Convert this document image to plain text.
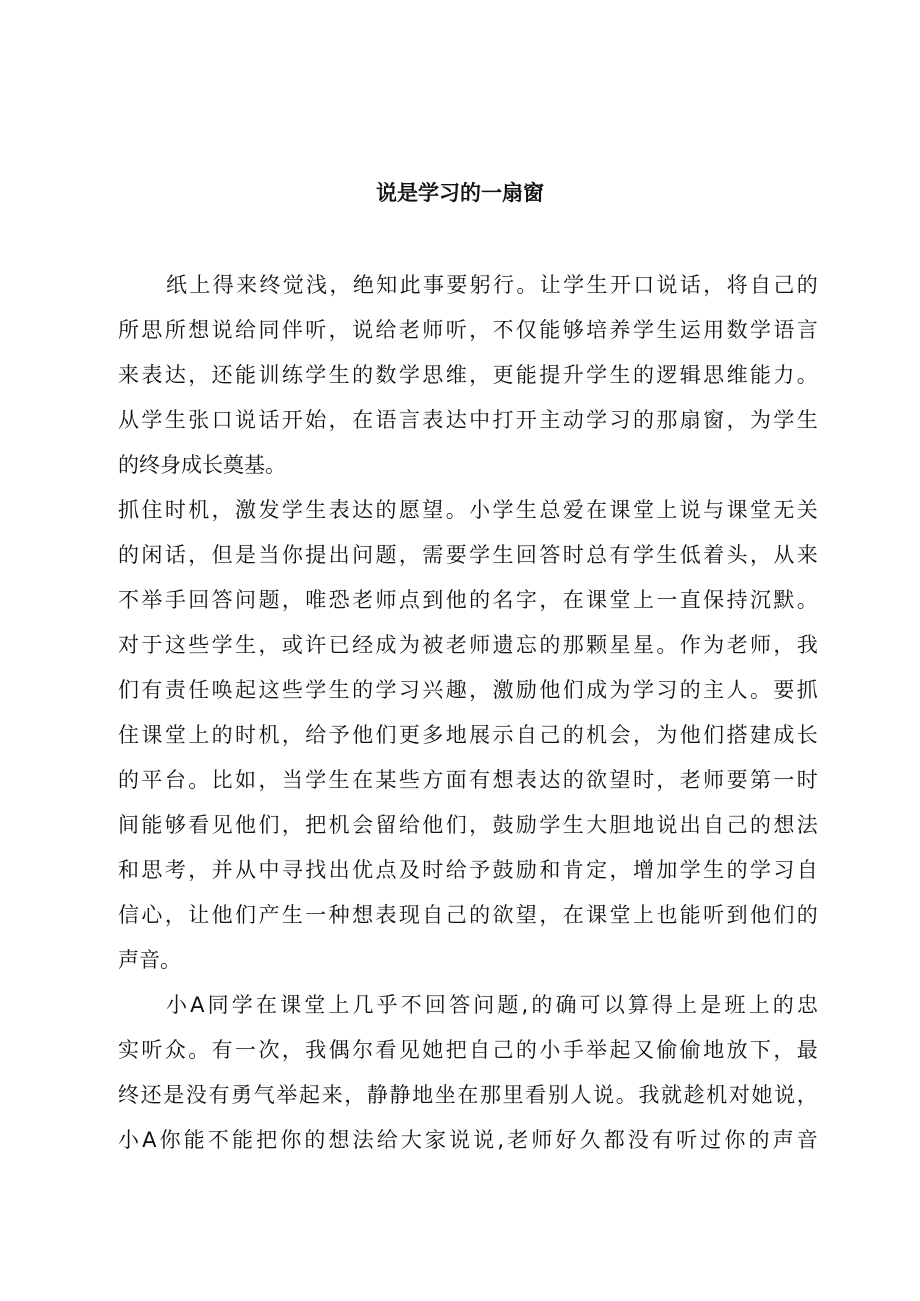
说是学习的一扇窗
纸 上 得 来 终 觉 浅 ， 绝 知 此 事 要 躬 行 。 让 学 生 开 口 说 话 ， 将 自 己 的
所 思 所 想 说 给 同 伴 听 ， 说 给 老 师 听 ， 不 仅 能 够 培 养 学 生 运 用 数 学 语 言
来 表 达 ， 还 能 训 练 学 生 的 数 学 思 维 ， 更 能 提 升 学 生 的 逻 辑 思 维 能 力 。
从 学 生 张 口 说 话 开 始 ， 在 语 言 表 达 中 打 开 主 动 学 习 的 那 扇 窗 ， 为 学 生
的终身成长奠基。
抓 住 时 机 ， 激 发 学 生 表 达 的 愿 望 。 小 学 生 总 爱 在 课 堂 上 说 与 课 堂 无 关
的 闲 话 ， 但 是 当 你 提 出 问 题 ， 需 要 学 生 回 答 时 总 有 学 生 低 着 头 ， 从 来
不 举 手 回 答 问 题 ， 唯 恐 老 师 点 到 他 的 名 字 ， 在 课 堂 上 一 直 保 持 沉 默 。
对 于 这 些 学 生 ， 或 许 已 经 成 为 被 老 师 遗 忘 的 那 颗 星 星 。 作 为 老 师 ， 我
们 有 责 任 唤 起 这 些 学 生 的 学 习 兴 趣 ， 激 励 他 们 成 为 学 习 的 主 人 。 要 抓
住 课 堂 上 的 时 机 ， 给 予 他 们 更 多 地 展 示 自 己 的 机 会 ， 为 他 们 搭 建 成 长
的 平 台 。 比 如 ， 当 学 生 在 某 些 方 面 有 想 表 达 的 欲 望 时 ， 老 师 要 第 一 时
间 能 够 看 见 他 们 ， 把 机 会 留 给 他 们 ， 鼓 励 学 生 大 胆 地 说 出 自 己 的 想 法
和 思 考 ， 并 从 中 寻 找 出 优 点 及 时 给 予 鼓 励 和 肯 定 ， 增 加 学 生 的 学 习 自
信 心 ， 让 他 们 产 生 一 种 想 表 现 自 己 的 欲 望 ， 在 课 堂 上 也 能 听 到 他 们 的
声音。
小 A 同 学 在 课 堂 上 几 乎 不 回 答 问 题 , 的 确 可 以 算 得 上 是 班 上 的 忠
实 听 众 。 有 一 次 ， 我 偶 尔 看 见 她 把 自 己 的 小 手 举 起 又 偷 偷 地 放 下 ， 最
终 还 是 没 有 勇 气 举 起 来 ， 静 静 地 坐 在 那 里 看 别 人 说 。 我 就 趁 机 对 她 说 ，
小 A 你 能 不 能 把 你 的 想 法 给 大 家 说 说 , 老 师 好 久 都 没 有 听 过 你 的 声 音
